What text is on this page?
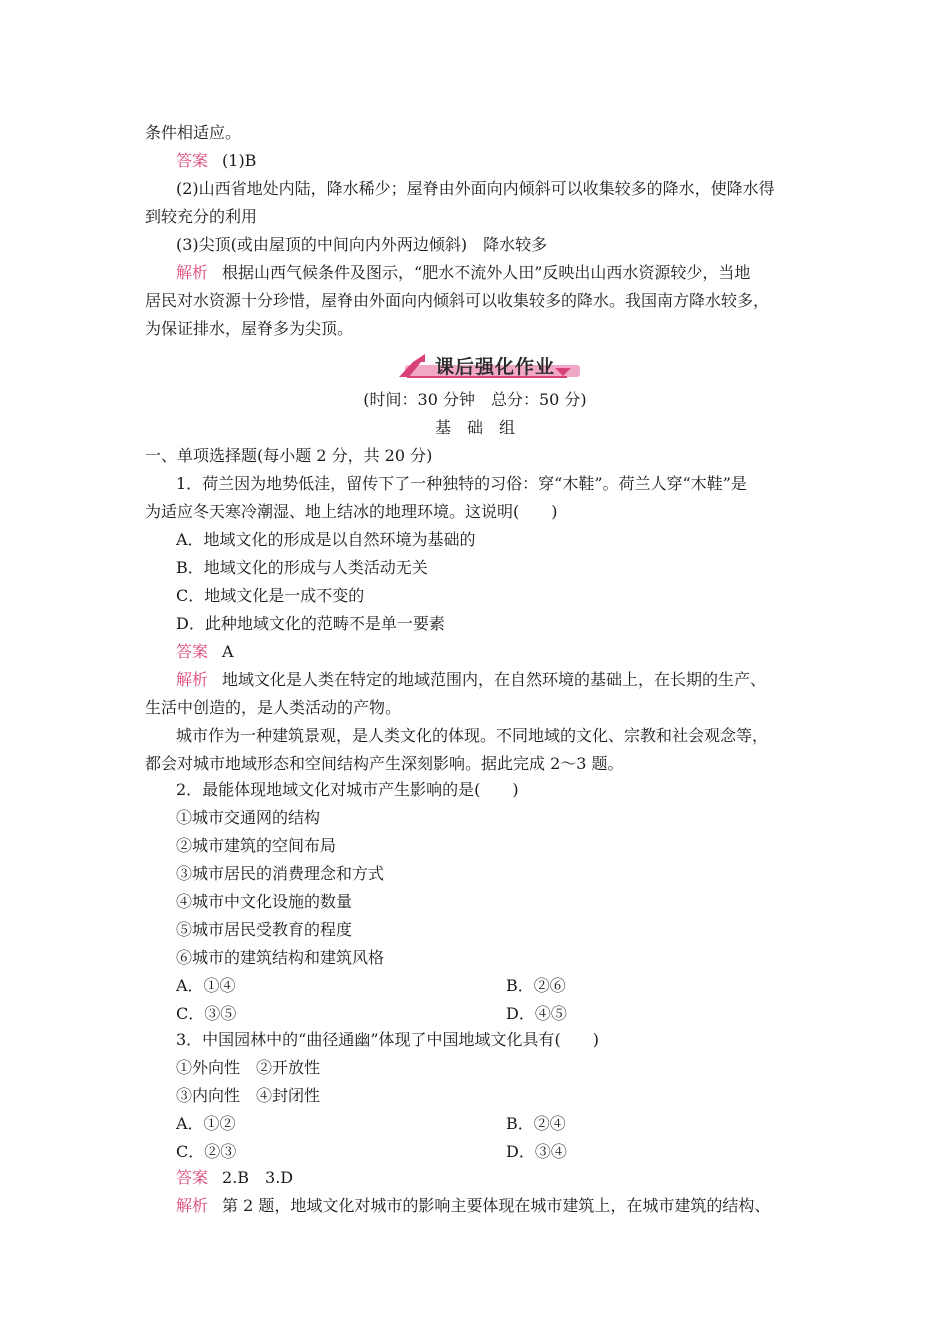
条件相适应。
答案 (1)B
(2)山西省地处内陆，降水稀少；屋脊由外面向内倾斜可以收集较多的降水，使降水得
到较充分的利用
(3)尖顶(或由屋顶的中间向内外两边倾斜)　降水较多
解析 根据山西气候条件及图示，“肥水不流外人田”反映出山西水资源较少，当地
居民对水资源十分珍惜，屋脊由外面向内倾斜可以收集较多的降水。我国南方降水较多，
为保证排水，屋脊多为尖顶。
课后强化作业
(时间：30 分钟　总分：50 分)
基　础　组
一、单项选择题(每小题 2 分，共 20 分)
1．荷兰因为地势低洼，留传下了一种独特的习俗：穿“木鞋”。荷兰人穿“木鞋”是
为适应冬天寒冷潮湿、地上结冰的地理环境。这说明(　　)
A．地域文化的形成是以自然环境为基础的
B．地域文化的形成与人类活动无关
C．地域文化是一成不变的
D．此种地域文化的范畴不是单一要素
答案 A
解析 地域文化是人类在特定的地域范围内，在自然环境的基础上，在长期的生产、
生活中创造的，是人类活动的产物。
城市作为一种建筑景观，是人类文化的体现。不同地域的文化、宗教和社会观念等，
都会对城市地域形态和空间结构产生深刻影响。据此完成 2～3 题。
2．最能体现地域文化对城市产生影响的是(　　)
①城市交通网的结构
②城市建筑的空间布局
③城市居民的消费理念和方式
④城市中文化设施的数量
⑤城市居民受教育的程度
⑥城市的建筑结构和建筑风格
A．①④	B．②⑥
C．③⑤	D．④⑤
3．中国园林中的“曲径通幽”体现了中国地域文化具有(　　)
①外向性　②开放性
③内向性　④封闭性
A．①②	B．②④
C．②③	D．③④
答案 2.B　3.D
解析 第 2 题，地域文化对城市的影响主要体现在城市建筑上，在城市建筑的结构、
